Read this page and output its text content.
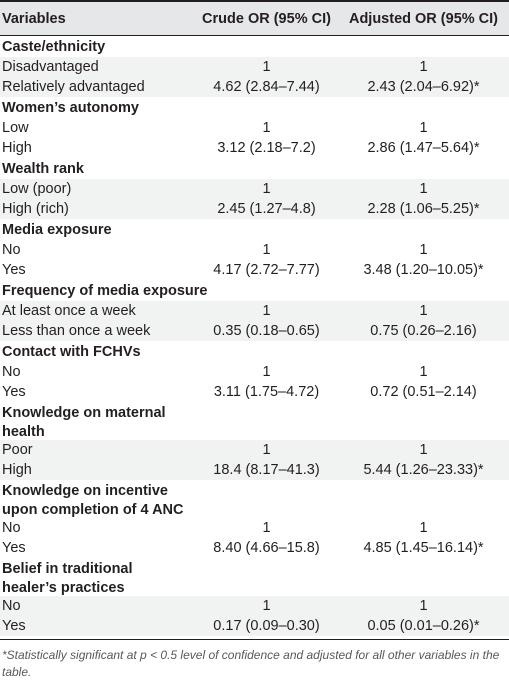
Variables	Crude OR (95% CI)	Adjusted OR (95% CI)
Caste/ethnicity
Disadvantaged	1	1
Relatively advantaged	4.62 (2.84–7.44)	2.43 (2.04–6.92)*
Women’s autonomy
Low	1	1
High	3.12 (2.18–7.2)	2.86 (1.47–5.64)*
Wealth rank
Low (poor)	1	1
High (rich)	2.45 (1.27–4.8)	2.28 (1.06–5.25)*
Media exposure
No	1	1
Yes	4.17 (2.72–7.77)	3.48 (1.20–10.05)*
Frequency of media exposure
At least once a week	1	1
Less than once a week	0.35 (0.18–0.65)	0.75 (0.26–2.16)
Contact with FCHVs
No	1	1
Yes	3.11 (1.75–4.72)	0.72 (0.51–2.14)
Knowledge on maternal
health
Poor	1	1
High	18.4 (8.17–41.3)	5.44 (1.26–23.33)*
Knowledge on incentive
upon completion of 4 ANC
No	1	1
Yes	8.40 (4.66–15.8)	4.85 (1.45–16.14)*
Belief in traditional
healer’s practices
No	1	1
Yes	0.17 (0.09–0.30)	0.05 (0.01–0.26)*
*Statistically significant at p < 0.5 level of confidence and adjusted for all other variables in the table.
